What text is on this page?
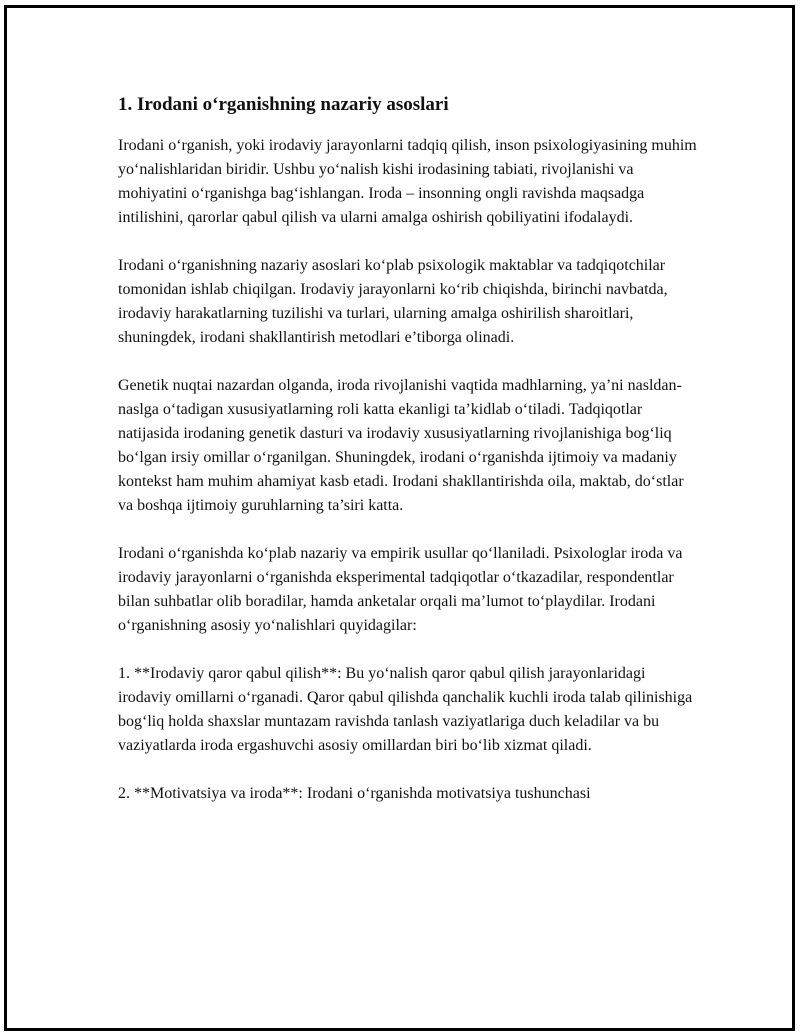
1. Irodani o‘rganishning nazariy asoslari

Irodani o‘rganish, yoki irodaviy jarayonlarni tadqiq qilish, inson psixologiyasining muhim yo‘nalishlaridan biridir. Ushbu yo‘nalish kishi irodasining tabiati, rivojlanishi va mohiyatini o‘rganishga bag‘ishlangan. Iroda – insonning ongli ravishda maqsadga intilishini, qarorlar qabul qilish va ularni amalga oshirish qobiliyatini ifodalaydi.

Irodani o‘rganishning nazariy asoslari ko‘plab psixologik maktablar va tadqiqotchilar tomonidan ishlab chiqilgan. Irodaviy jarayonlarni ko‘rib chiqishda, birinchi navbatda, irodaviy harakatlarning tuzilishi va turlari, ularning amalga oshirilish sharoitlari, shuningdek, irodani shakllantirish metodlari e’tiborga olinadi.

Genetik nuqtai nazardan olganda, iroda rivojlanishi vaqtida madhlarning, ya’ni nasldan-naslga o‘tadigan xususiyatlarning roli katta ekanligi ta’kidlab o‘tiladi. Tadqiqotlar natijasida irodaning genetik dasturi va irodaviy xususiyatlarning rivojlanishiga bog‘liq bo‘lgan irsiy omillar o‘rganilgan. Shuningdek, irodani o‘rganishda ijtimoiy va madaniy kontekst ham muhim ahamiyat kasb etadi. Irodani shakllantirishda oila, maktab, do‘stlar va boshqa ijtimoiy guruhlarning ta’siri katta.

Irodani o‘rganishda ko‘plab nazariy va empirik usullar qo‘llaniladi. Psixologlar iroda va irodaviy jarayonlarni o‘rganishda eksperimental tadqiqotlar o‘tkazadilar, respondentlar bilan suhbatlar olib boradilar, hamda anketalar orqali ma’lumot to‘playdilar. Irodani o‘rganishning asosiy yo‘nalishlari quyidagilar:

1. **Irodaviy qaror qabul qilish**: Bu yo‘nalish qaror qabul qilish jarayonlaridagi irodaviy omillarni o‘rganadi. Qaror qabul qilishda qanchalik kuchli iroda talab qilinishiga bog‘liq holda shaxslar muntazam ravishda tanlash vaziyatlariga duch keladilar va bu vaziyatlarda iroda ergashuvchi asosiy omillardan biri bo‘lib xizmat qiladi.

2. **Motivatsiya va iroda**: Irodani o‘rganishda motivatsiya tushunchasi
